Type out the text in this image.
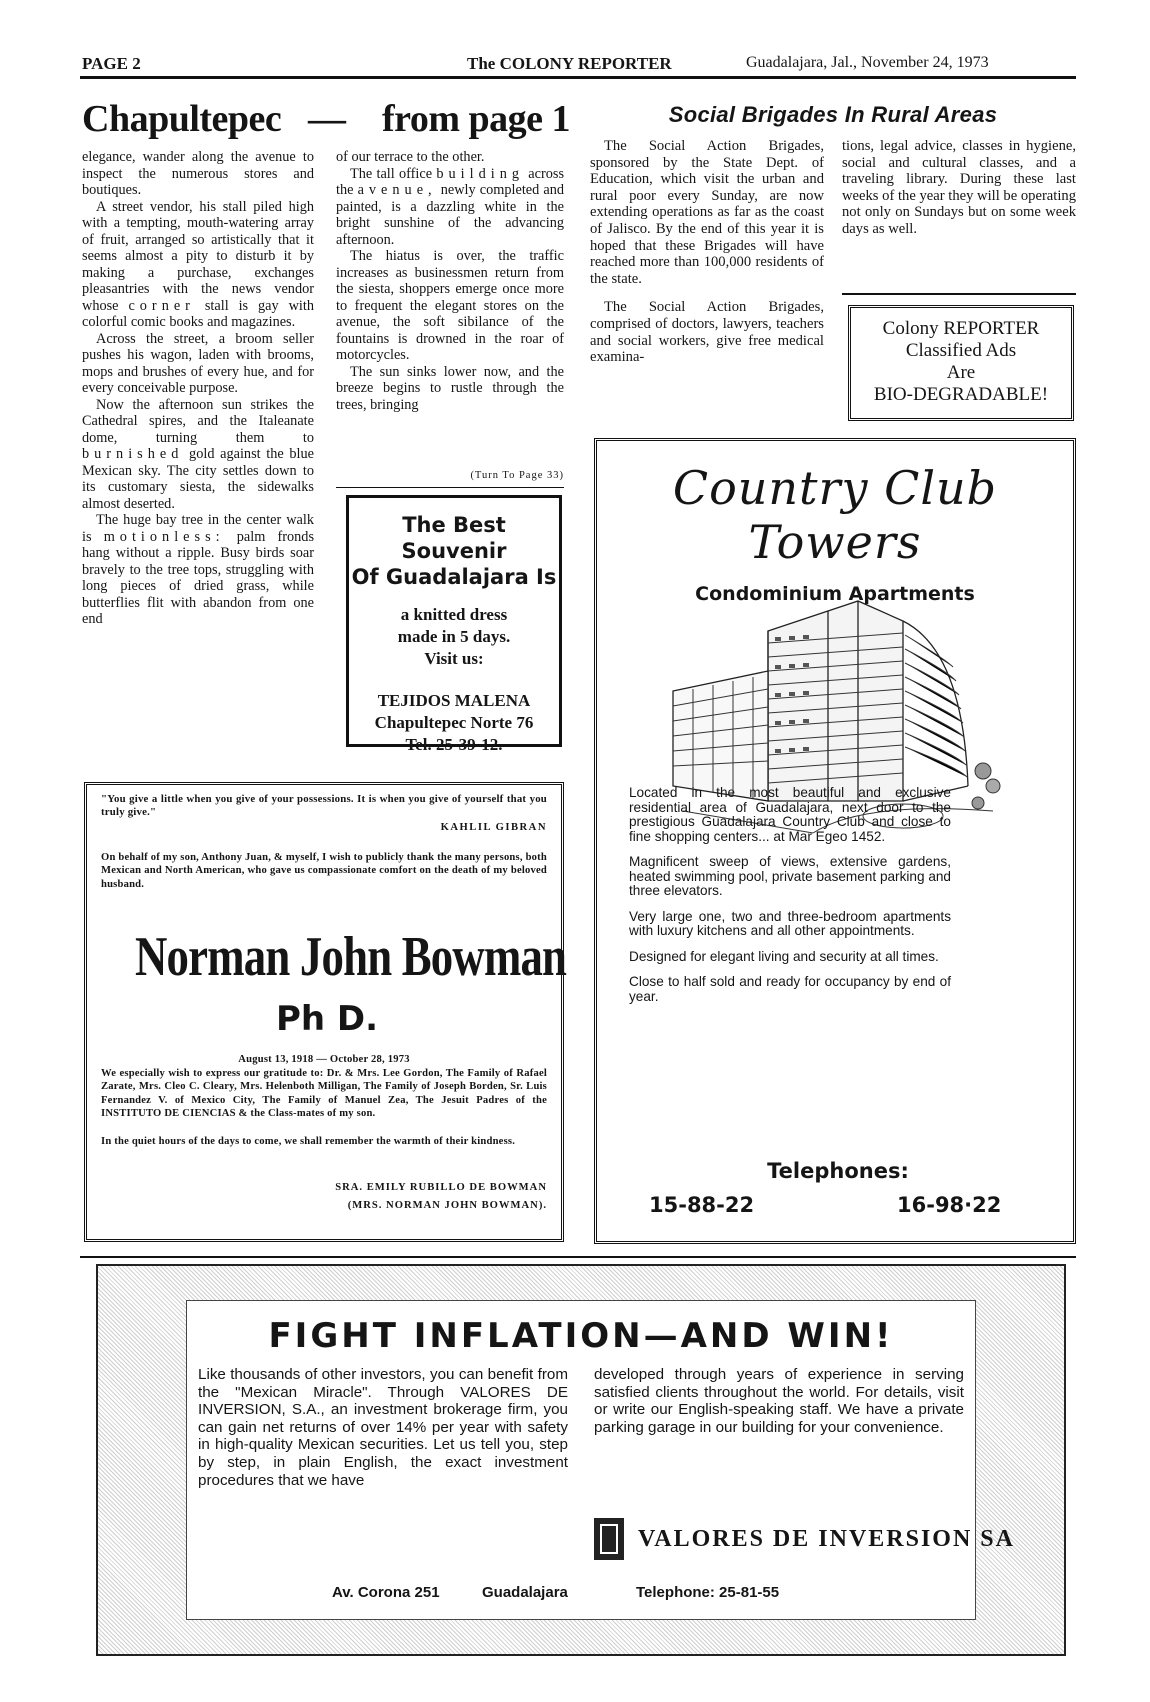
PAGE 2	The COLONY REPORTER	Guadalajara, Jal., November 24, 1973
Chapultepec — from page 1

elegance, wander along the avenue to inspect the numerous stores and boutiques.

A street vendor, his stall piled high with a tempting, mouth-watering array of fruit, arranged so artistically that it seems almost a pity to disturb it by making a purchase, exchanges pleasantries with the news vendor whose corner stall is gay with colorful comic books and magazines.

Across the street, a broom seller pushes his wagon, laden with brooms, mops and brushes of every hue, and for every conceivable purpose.

Now the afternoon sun strikes the Cathedral spires, and the Italeanate dome, turning them to burnished gold against the blue Mexican sky. The city settles down to its customary siesta, the sidewalks almost deserted.

The huge bay tree in the center walk is motionless: palm fronds hang without a ripple. Busy birds soar bravely to the tree tops, struggling with long pieces of dried grass, while butterflies flit with abandon from one end

of our terrace to the other.

The tall office building across the avenue, newly completed and painted, is a dazzling white in the bright sunshine of the advancing afternoon.

The hiatus is over, the traffic increases as businessmen return from the siesta, shoppers emerge once more to frequent the elegant stores on the avenue, the soft sibilance of the fountains is drowned in the roar of motorcycles.

The sun sinks lower now, and the breeze begins to rustle through the trees, bringing

(Turn To Page 33)
The Best Souvenir
Of Guadalajara Is
a knitted dress
made in 5 days.
Visit us:
TEJIDOS MALENA
Chapultepec Norte 76
Tel. 25-39-12.
Social Brigades In Rural Areas

The Social Action Brigades, sponsored by the State Dept. of Education, which visit the urban and rural poor every Sunday, are now extending operations as far as the coast of Jalisco. By the end of this year it is hoped that these Brigades will have reached more than 100,000 residents of the state.

The Social Action Brigades, comprised of doctors, lawyers, teachers and social workers, give free medical examina-

tions, legal advice, classes in hygiene, social and cultural classes, and a traveling library. During these last weeks of the year they will be operating not only on Sundays but on some week days as well.

Colony REPORTER
Classified Ads
Are
BIO-DEGRADABLE!
Country Club Towers
Condominium Apartments

Located in the most beautiful and exclusive residential area of Guadalajara, next door to the prestigious Guadalajara Country Club and close to fine shopping centers... at Mar Egeo 1452.

Magnificent sweep of views, extensive gardens, heated swimming pool, private basement parking and three elevators.

Very large one, two and three-bedroom apartments with luxury kitchens and all other appointments.

Designed for elegant living and security at all times.

Close to half sold and ready for occupancy by end of year.

Telephones:
15-88-22	16-98·22
"You give a little when you give of your possessions. It is when you give of yourself that you truly give."
KAHLIL GIBRAN
On behalf of my son, Anthony Juan, & myself, I wish to publicly thank the many persons, both Mexican and North American, who gave us compassionate comfort on the death of my beloved husband.
Norman John Bowman
Ph D.
August 13, 1918 — October 28, 1973
We especially wish to express our gratitude to: Dr. & Mrs. Lee Gordon, The Family of Rafael Zarate, Mrs. Cleo C. Cleary, Mrs. Helenboth Milligan, The Family of Joseph Borden, Sr. Luis Fernandez V. of Mexico City, The Family of Manuel Zea, The Jesuit Padres of the INSTITUTO DE CIENCIAS & the Class-mates of my son.
In the quiet hours of the days to come, we shall remember the warmth of their kindness.
SRA. EMILY RUBILLO DE BOWMAN
(MRS. NORMAN JOHN BOWMAN).
FIGHT INFLATION—AND WIN!
Like thousands of other investors, you can benefit from the "Mexican Miracle". Through VALORES DE INVERSION, S.A., an investment brokerage firm, you can gain net returns of over 14% per year with safety in high-quality Mexican securities. Let us tell you, step by step, in plain English, the exact investment procedures that we have
developed through years of experience in serving satisfied clients throughout the world. For details, visit or write our English-speaking staff. We have a private parking garage in our building for your convenience.
VALORES DE INVERSION SA
Av. Corona 251	Guadalajara	Telephone: 25-81-55
